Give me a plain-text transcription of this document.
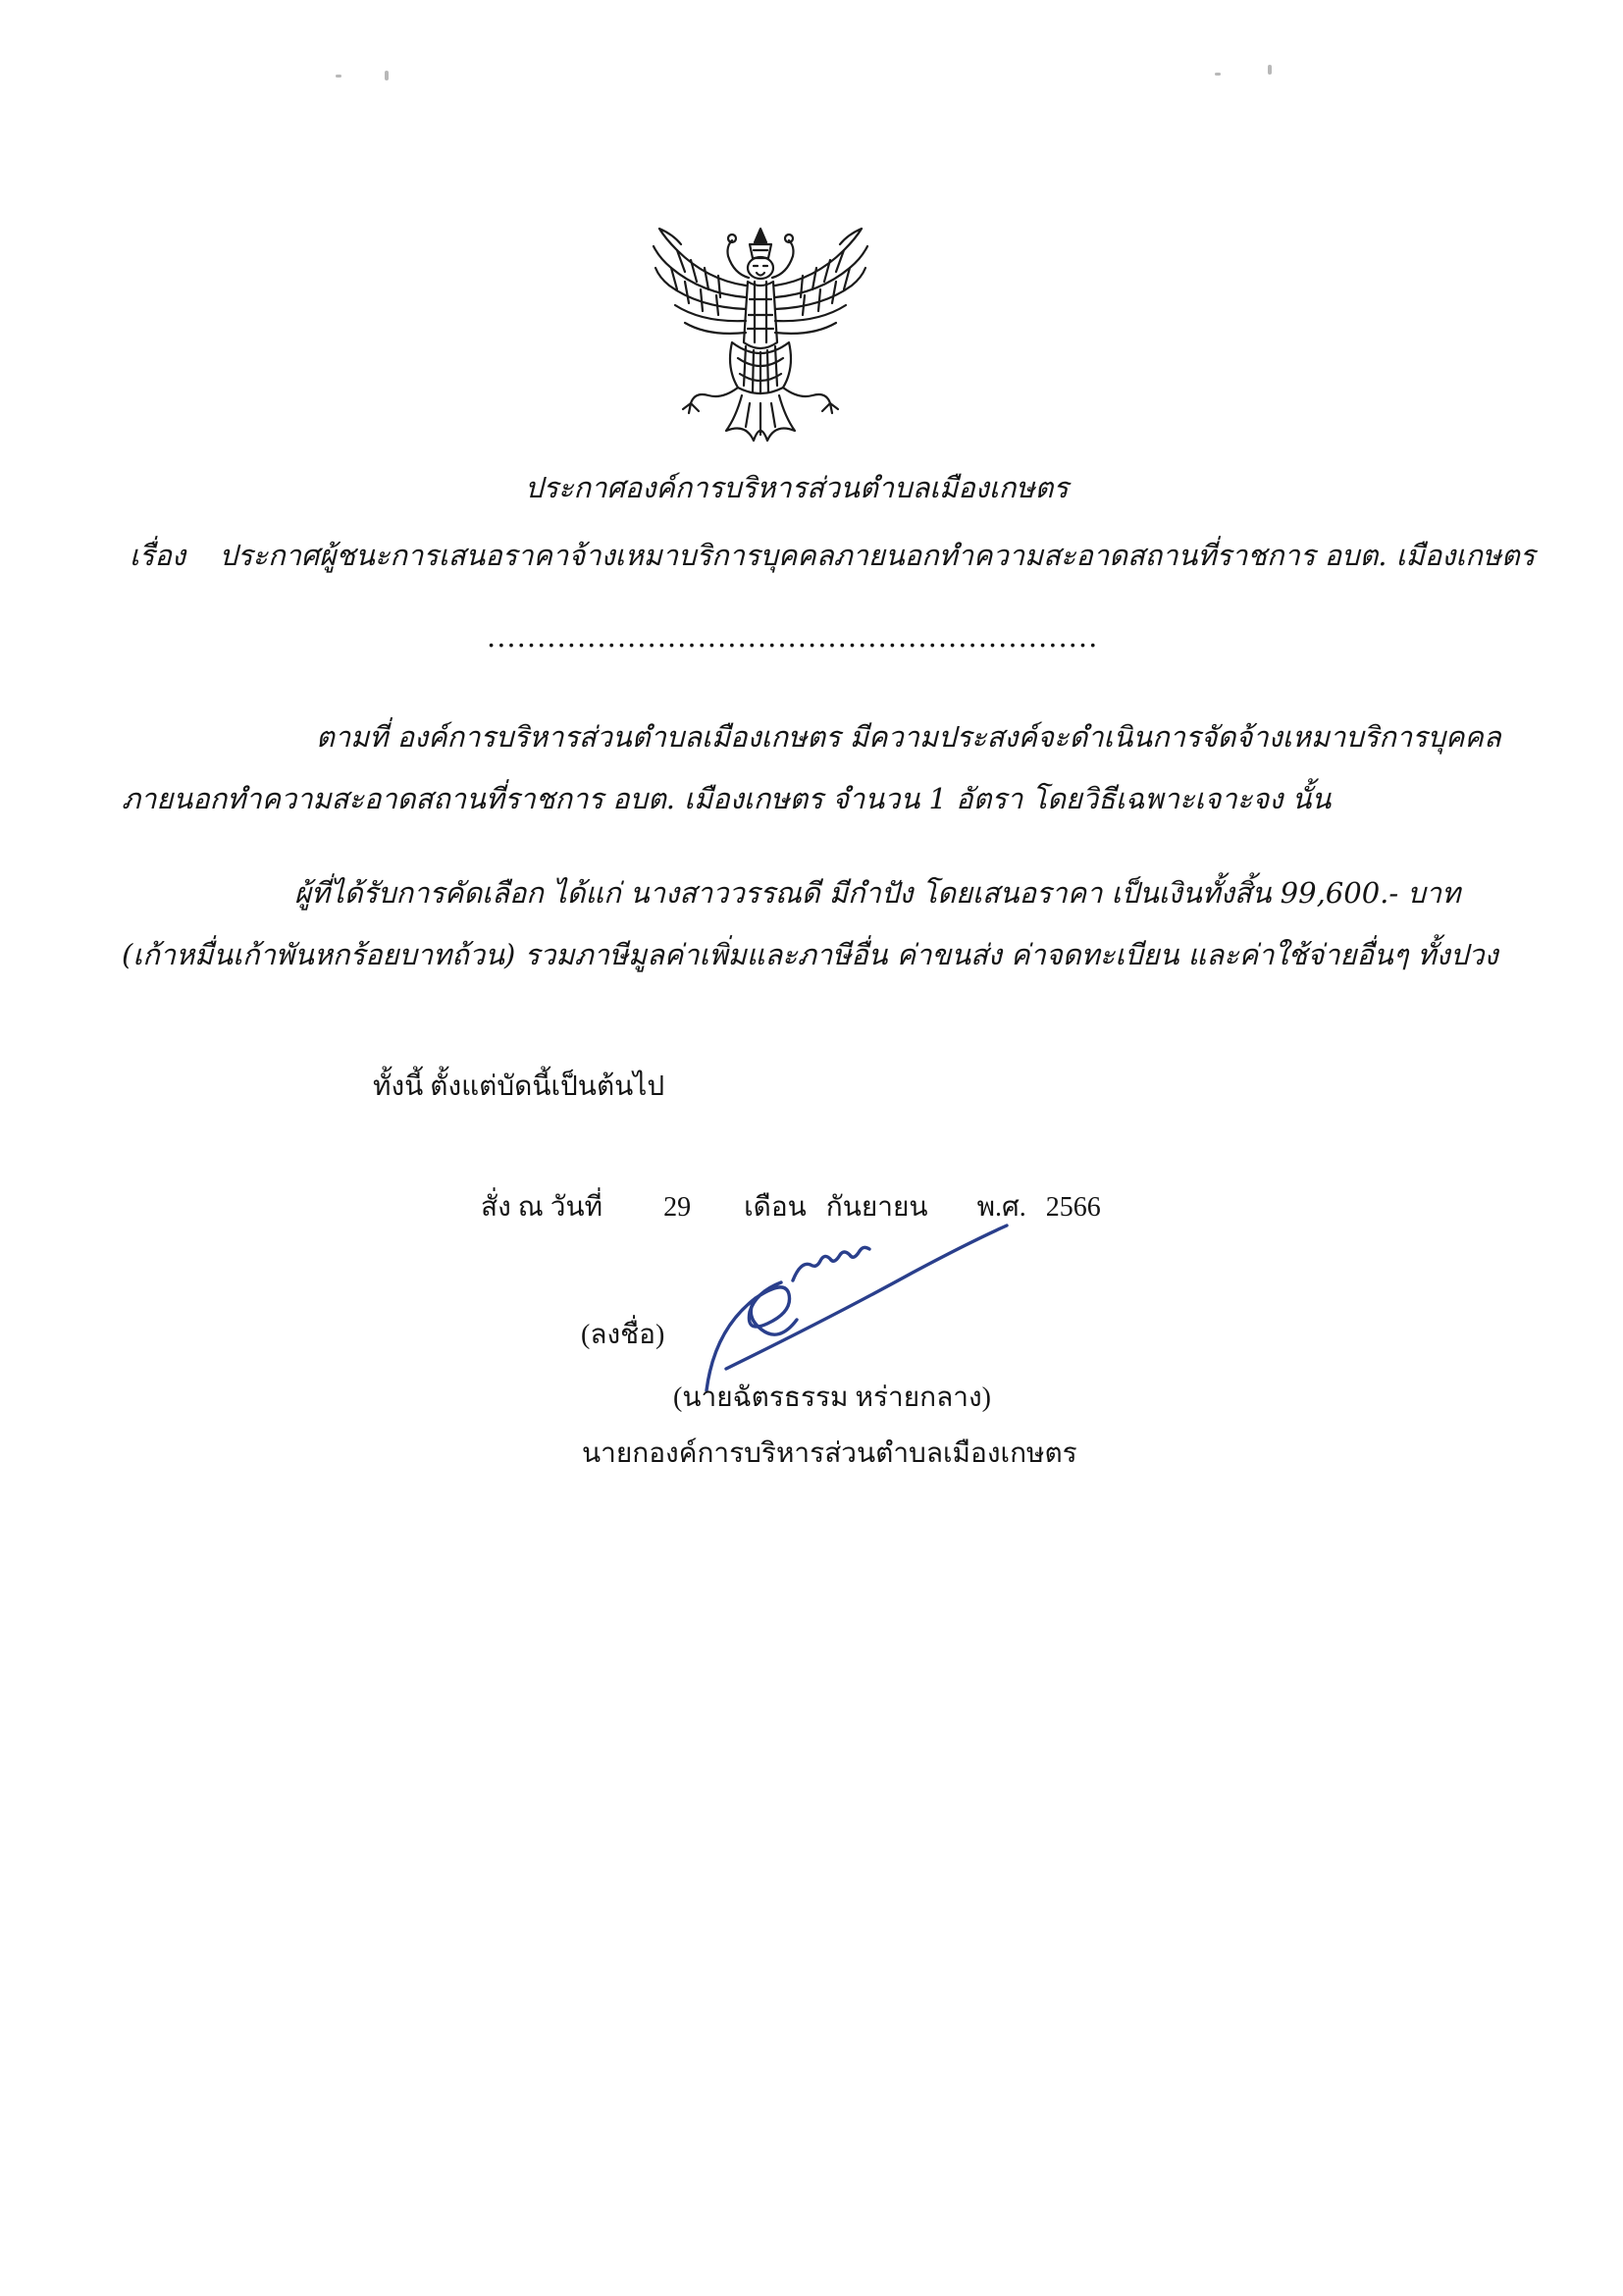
ประกาศองค์การบริหารส่วนตำบลเมืองเกษตร
เรื่อง ประกาศผู้ชนะการเสนอราคาจ้างเหมาบริการบุคคลภายนอกทำความสะอาดสถานที่ราชการ อบต. เมืองเกษตร
.............................................................
ตามที่ องค์การบริหารส่วนตำบลเมืองเกษตร มีความประสงค์จะดำเนินการจัดจ้างเหมาบริการบุคคล
ภายนอกทำความสะอาดสถานที่ราชการ อบต. เมืองเกษตร จำนวน 1 อัตรา โดยวิธีเฉพาะเจาะจง นั้น
ผู้ที่ได้รับการคัดเลือก ได้แก่ นางสาววรรณดี มีกำปัง โดยเสนอราคา เป็นเงินทั้งสิ้น 99,600.- บาท
(เก้าหมื่นเก้าพันหกร้อยบาทถ้วน) รวมภาษีมูลค่าเพิ่มและภาษีอื่น ค่าขนส่ง ค่าจดทะเบียน และค่าใช้จ่ายอื่นๆ ทั้งปวง
ทั้งนี้ ตั้งแต่บัดนี้เป็นต้นไป
สั่ง ณ วันที่ 29 เดือน กันยายน พ.ศ. 2566
(ลงชื่อ)
(นายฉัตรธรรม หร่ายกลาง)
นายกองค์การบริหารส่วนตำบลเมืองเกษตร
